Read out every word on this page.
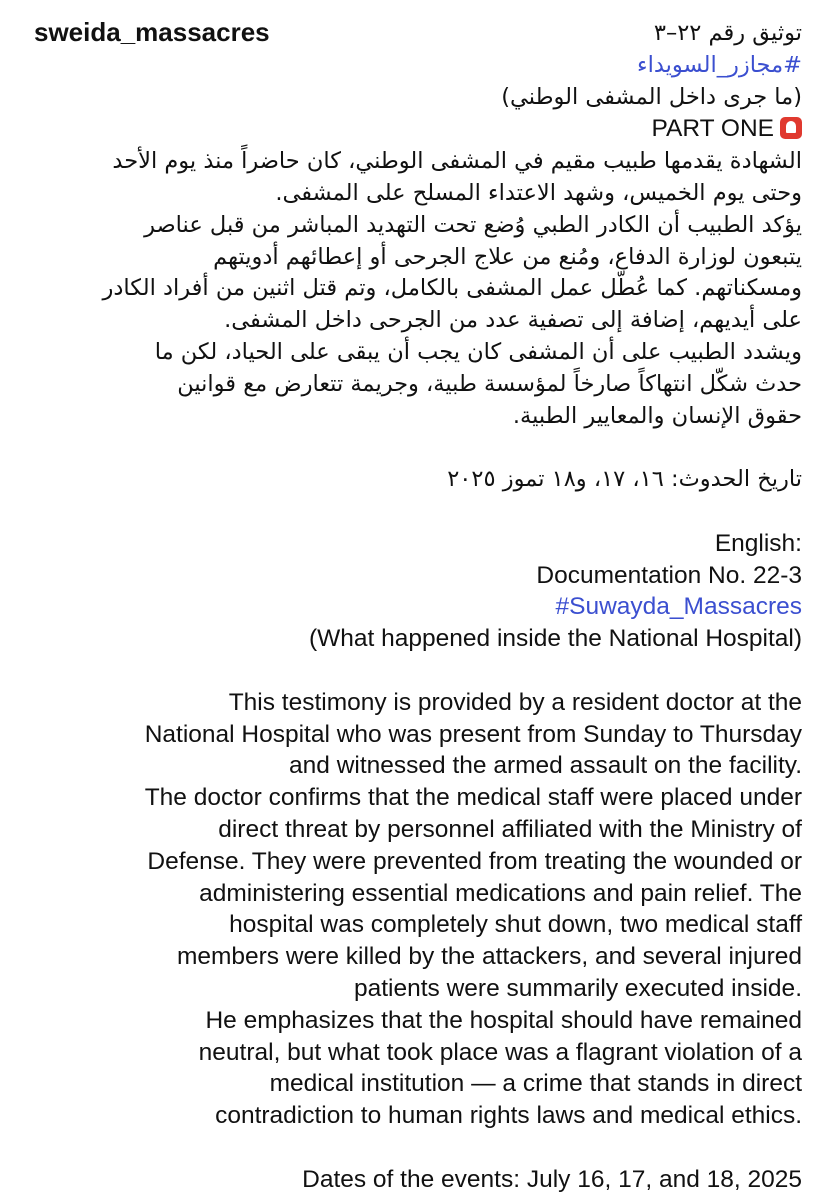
sweida_massacres	توثيق رقم ٢٢–٣
#مجازر_السويداء
(ما جرى داخل المشفى الوطني)
PART ONE
الشهادة يقدمها طبيب مقيم في المشفى الوطني، كان حاضراً منذ يوم الأحد
وحتى يوم الخميس، وشهد الاعتداء المسلح على المشفى.
يؤكد الطبيب أن الكادر الطبي وُضع تحت التهديد المباشر من قبل عناصر
يتبعون لوزارة الدفاع، ومُنع من علاج الجرحى أو إعطائهم أدويتهم
ومسكناتهم. كما عُطّل عمل المشفى بالكامل، وتم قتل اثنين من أفراد الكادر
على أيديهم، إضافة إلى تصفية عدد من الجرحى داخل المشفى.
ويشدد الطبيب على أن المشفى كان يجب أن يبقى على الحياد، لكن ما
حدث شكّل انتهاكاً صارخاً لمؤسسة طبية، وجريمة تتعارض مع قوانين
حقوق الإنسان والمعايير الطبية.
تاريخ الحدوث: ١٦، ١٧، و١٨ تموز ٢٠٢٥
English:
Documentation No. 22-3
#Suwayda_Massacres
(What happened inside the National Hospital)
This testimony is provided by a resident doctor at the
National Hospital who was present from Sunday to Thursday
and witnessed the armed assault on the facility.
The doctor confirms that the medical staff were placed under
direct threat by personnel affiliated with the Ministry of
Defense. They were prevented from treating the wounded or
administering essential medications and pain relief. The
hospital was completely shut down, two medical staff
members were killed by the attackers, and several injured
patients were summarily executed inside.
He emphasizes that the hospital should have remained
neutral, but what took place was a flagrant violation of a
medical institution — a crime that stands in direct
contradiction to human rights laws and medical ethics.
Dates of the events: July 16, 17, and 18, 2025
